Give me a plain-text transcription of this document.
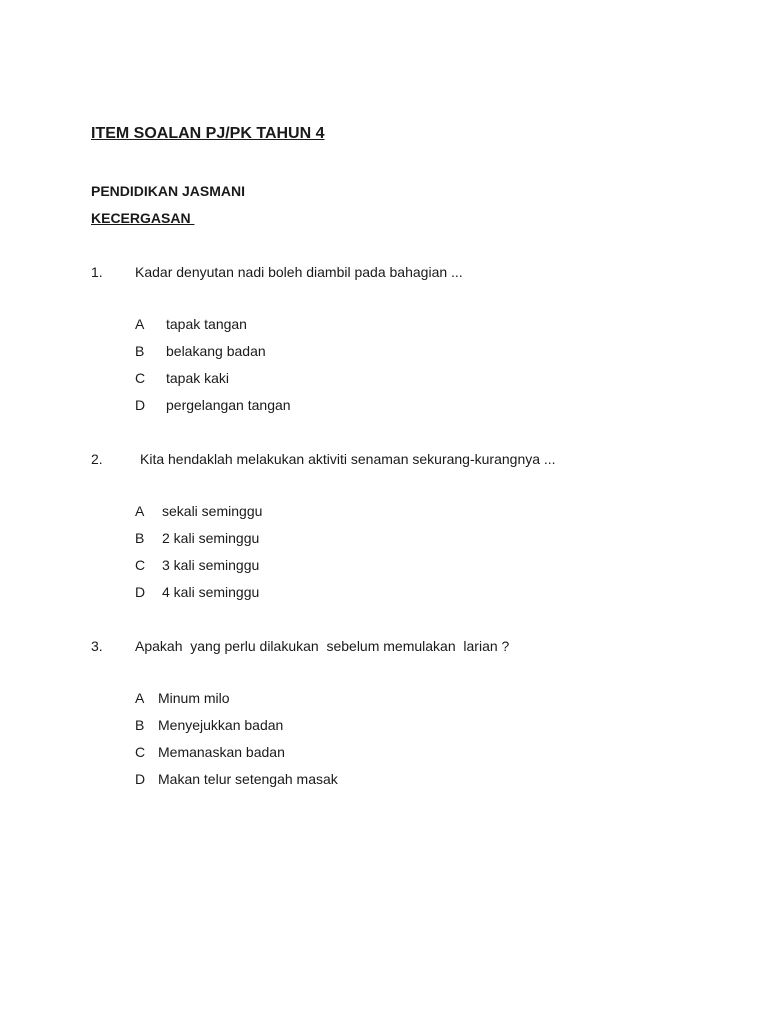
ITEM SOALAN PJ/PK TAHUN 4
PENDIDIKAN JASMANI
KECERGASAN

1.

Kadar denyutan nadi boleh diambil pada bahagian ...

A

tapak tangan

B

belakang badan

C

tapak kaki

D

pergelangan tangan

2.

	Kita hendaklah melakukan aktiviti senaman sekurang-kurangnya ...

A

sekali seminggu

B

2 kali seminggu

C

3 kali seminggu

D

4 kali seminggu

3.

Apakah  yang perlu dilakukan  sebelum memulakan  larian ?

A

Minum milo

B

Menyejukkan badan

C

Memanaskan badan

D

Makan telur setengah masak
